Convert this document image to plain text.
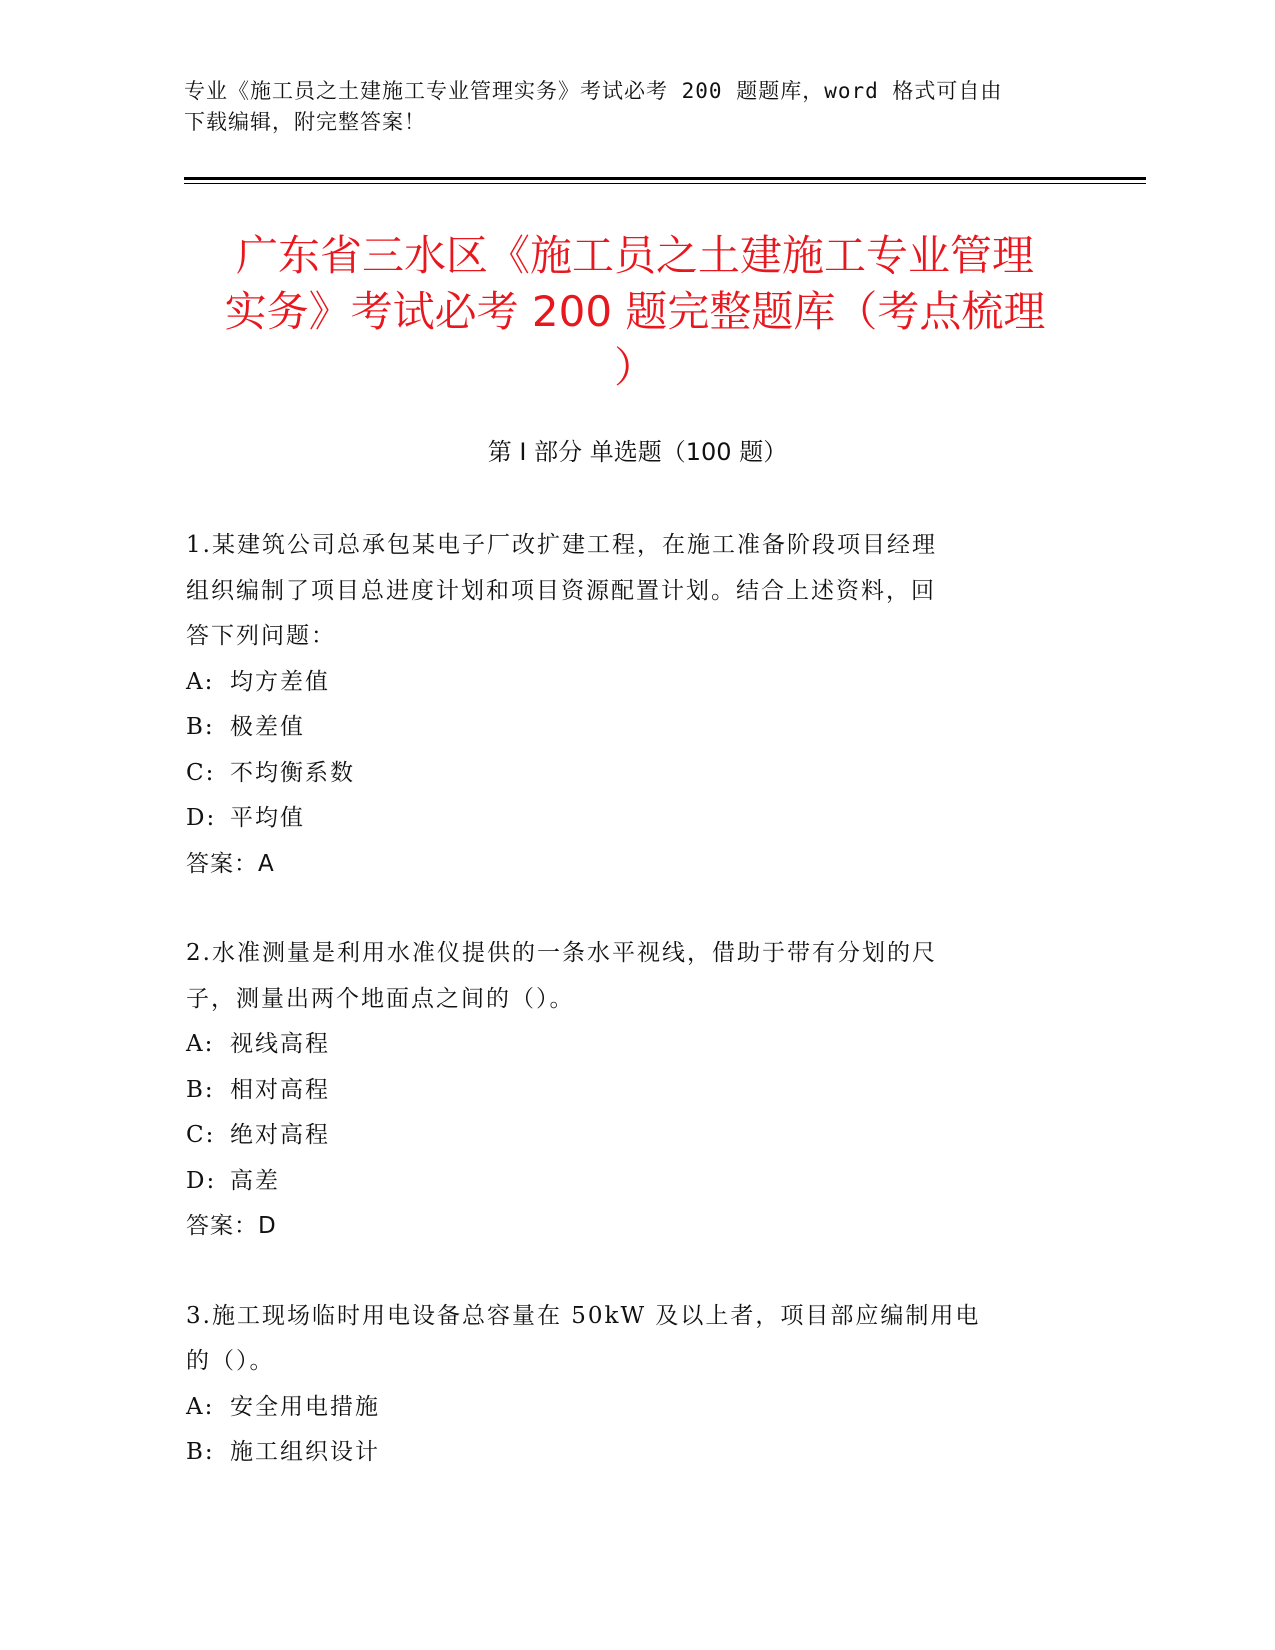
专业《施工员之土建施工专业管理实务》考试必考 200 题题库，word 格式可自由
下载编辑，附完整答案！
广东省三水区《施工员之土建施工专业管理
实务》考试必考 200 题完整题库（考点梳理
）
第 I 部分 单选题（100 题）
1.某建筑公司总承包某电子厂改扩建工程，在施工准备阶段项目经理
组织编制了项目总进度计划和项目资源配置计划。结合上述资料，回
答下列问题：
A: 均方差值
B: 极差值
C: 不均衡系数
D: 平均值
答案：A
2.水准测量是利用水准仪提供的一条水平视线，借助于带有分划的尺
子，测量出两个地面点之间的（）。
A: 视线高程
B: 相对高程
C: 绝对高程
D: 高差
答案：D
3.施工现场临时用电设备总容量在 50kW 及以上者，项目部应编制用电
的（）。
A: 安全用电措施
B: 施工组织设计
